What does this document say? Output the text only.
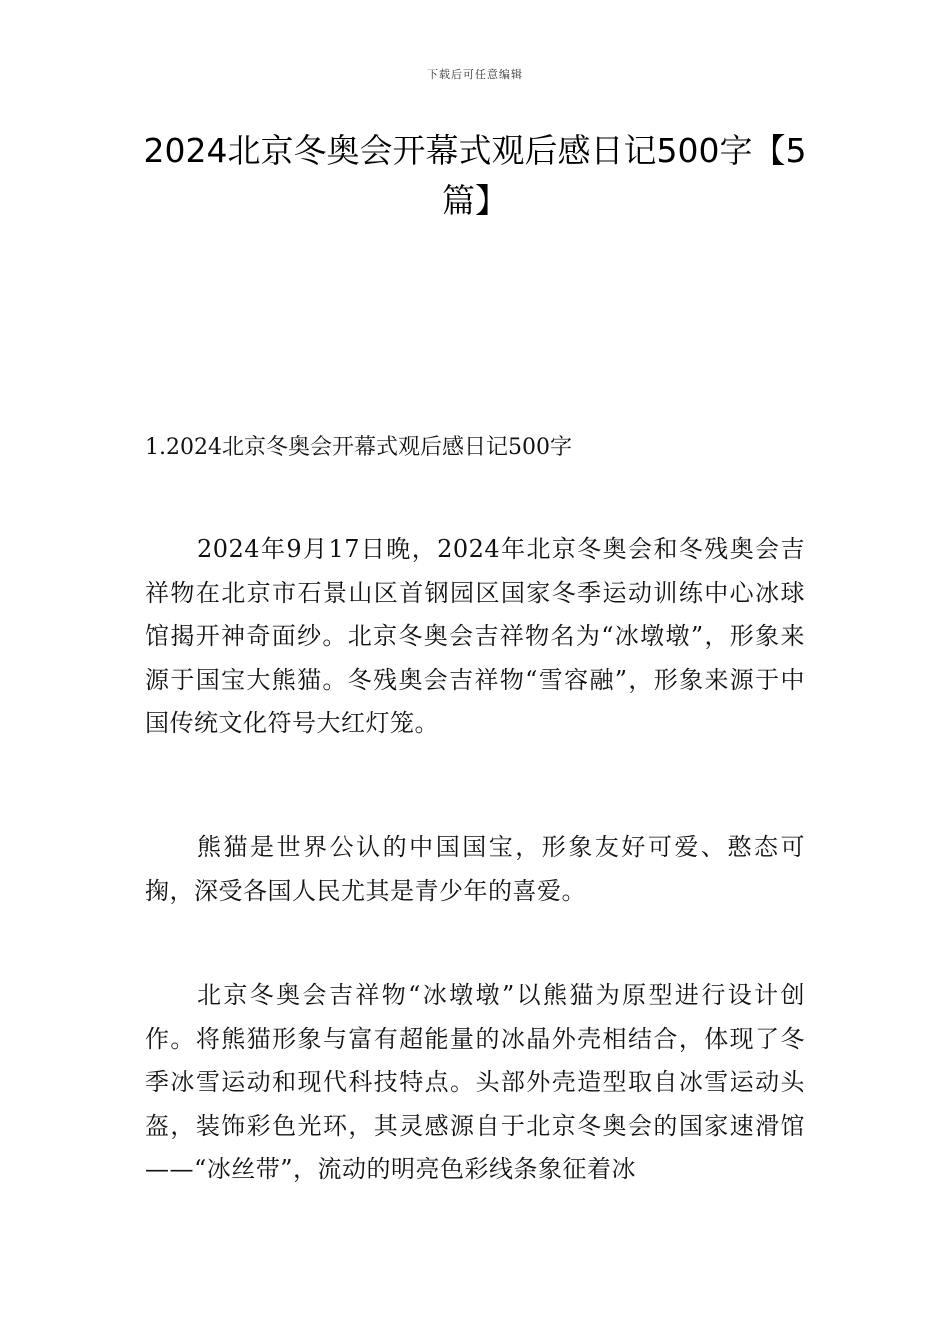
下载后可任意编辑
2024北京冬奥会开幕式观后感日记500字【5篇】
1.2024北京冬奥会开幕式观后感日记500字

2024年9月17日晚，2024年北京冬奥会和冬残奥会吉祥物在北京市石景山区首钢园区国家冬季运动训练中心冰球馆揭开神奇面纱。北京冬奥会吉祥物名为“冰墩墩”，形象来源于国宝大熊猫。冬残奥会吉祥物“雪容融”，形象来源于中国传统文化符号大红灯笼。

熊猫是世界公认的中国国宝，形象友好可爱、憨态可掬，深受各国人民尤其是青少年的喜爱。

北京冬奥会吉祥物“冰墩墩”以熊猫为原型进行设计创作。将熊猫形象与富有超能量的冰晶外壳相结合，体现了冬季冰雪运动和现代科技特点。头部外壳造型取自冰雪运动头盔，装饰彩色光环，其灵感源自于北京冬奥会的国家速滑馆——“冰丝带”，流动的明亮色彩线条象征着冰
